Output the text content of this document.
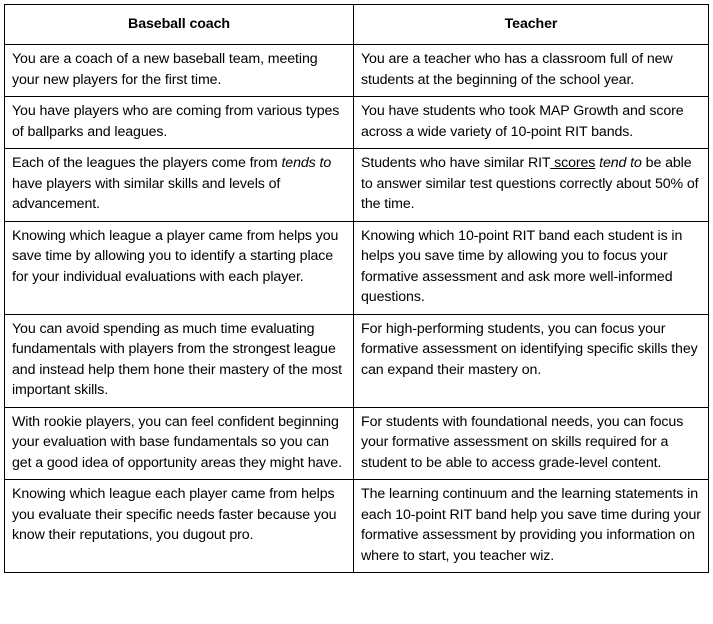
Baseball coach	Teacher
You are a coach of a new baseball team, meeting your new players for the first time.	You are a teacher who has a classroom full of new students at the beginning of the school year.
You have players who are coming from various types of ballparks and leagues.	You have students who took MAP Growth and score across a wide variety of 10-point RIT bands.
Each of the leagues the players come from tends to have players with similar skills and levels of advancement.	Students who have similar RIT scores tend to be able to answer similar test questions correctly about 50% of the time.
Knowing which league a player came from helps you save time by allowing you to identify a starting place for your individual evaluations with each player.	Knowing which 10-point RIT band each student is in helps you save time by allowing you to focus your formative assessment and ask more well-informed questions.
You can avoid spending as much time evaluating fundamentals with players from the strongest league and instead help them hone their mastery of the most important skills.	For high-performing students, you can focus your formative assessment on identifying specific skills they can expand their mastery on.
With rookie players, you can feel confident beginning your evaluation with base fundamentals so you can get a good idea of opportunity areas they might have.	For students with foundational needs, you can focus your formative assessment on skills required for a student to be able to access grade-level content.
Knowing which league each player came from helps you evaluate their specific needs faster because you know their reputations, you dugout pro.	The learning continuum and the learning statements in each 10-point RIT band help you save time during your formative assessment by providing you information on where to start, you teacher wiz.
